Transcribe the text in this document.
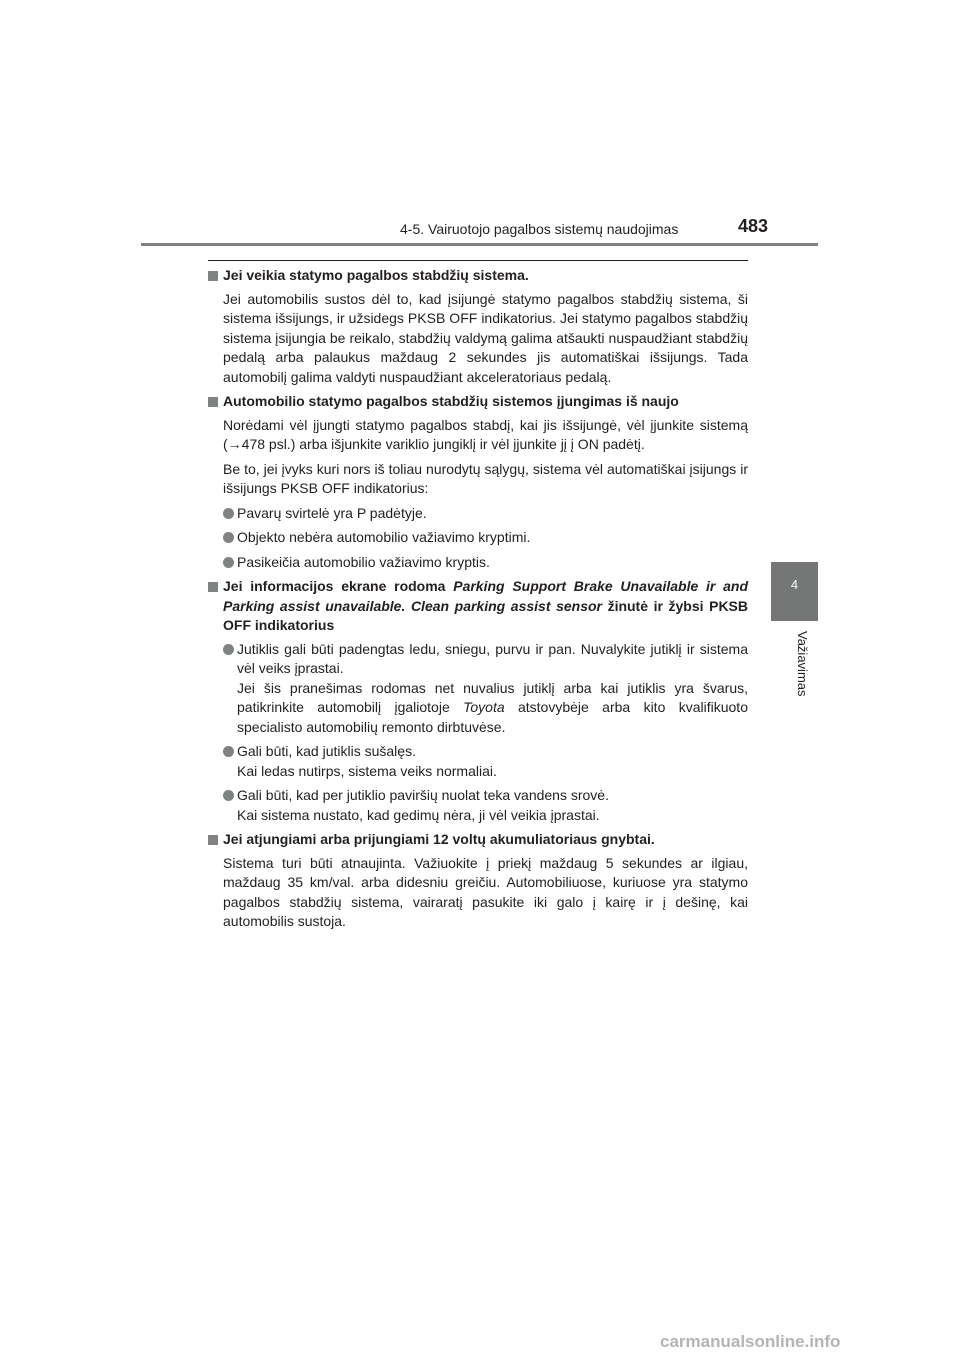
4-5. Vairuotojo pagalbos sistemų naudojimas	483
4
Važiavimas
Jei veikia statymo pagalbos stabdžių sistema.
Jei automobilis sustos dėl to, kad įsijungė statymo pagalbos stabdžių sistema, ši sistema išsijungs, ir užsidegs PKSB OFF indikatorius. Jei statymo pagalbos stabdžių sistema įsijungia be reikalo, stabdžių valdymą galima atšaukti nuspaudžiant stabdžių pedalą arba palaukus maždaug 2 sekundes jis automatiškai išsijungs. Tada automobilį galima valdyti nuspaudžiant akceleratoriaus pedalą.
Automobilio statymo pagalbos stabdžių sistemos įjungimas iš naujo
Norėdami vėl įjungti statymo pagalbos stabdį, kai jis išsijungė, vėl įjunkite sistemą (→478 psl.) arba išjunkite variklio jungiklį ir vėl įjunkite jį į ON padėtį.
Be to, jei įvyks kuri nors iš toliau nurodytų sąlygų, sistema vėl automatiškai įsijungs ir išsijungs PKSB OFF indikatorius:
Pavarų svirtelė yra P padėtyje.
Objekto nebėra automobilio važiavimo kryptimi.
Pasikeičia automobilio važiavimo kryptis.
Jei informacijos ekrane rodoma Parking Support Brake Unavailable ir and Parking assist unavailable. Clean parking assist sensor žinutė ir žybsi PKSB OFF indikatorius
Jutiklis gali būti padengtas ledu, sniegu, purvu ir pan. Nuvalykite jutiklį ir sistema vėl veiks įprastai.
Jei šis pranešimas rodomas net nuvalius jutiklį arba kai jutiklis yra švarus, patikrinkite automobilį įgaliotoje Toyota atstovybėje arba kito kvalifikuoto specialisto automobilių remonto dirbtuvėse.
Gali būti, kad jutiklis sušalęs.
Kai ledas nutirps, sistema veiks normaliai.
Gali būti, kad per jutiklio paviršių nuolat teka vandens srovė.
Kai sistema nustato, kad gedimų nėra, ji vėl veikia įprastai.
Jei atjungiami arba prijungiami 12 voltų akumuliatoriaus gnybtai.
Sistema turi būti atnaujinta. Važiuokite į priekį maždaug 5 sekundes ar ilgiau, maždaug 35 km/val. arba didesniu greičiu. Automobiliuose, kuriuose yra statymo pagalbos stabdžių sistema, vairaratį pasukite iki galo į kairę ir į dešinę, kai automobilis sustoja.
carmanualsonline.info
